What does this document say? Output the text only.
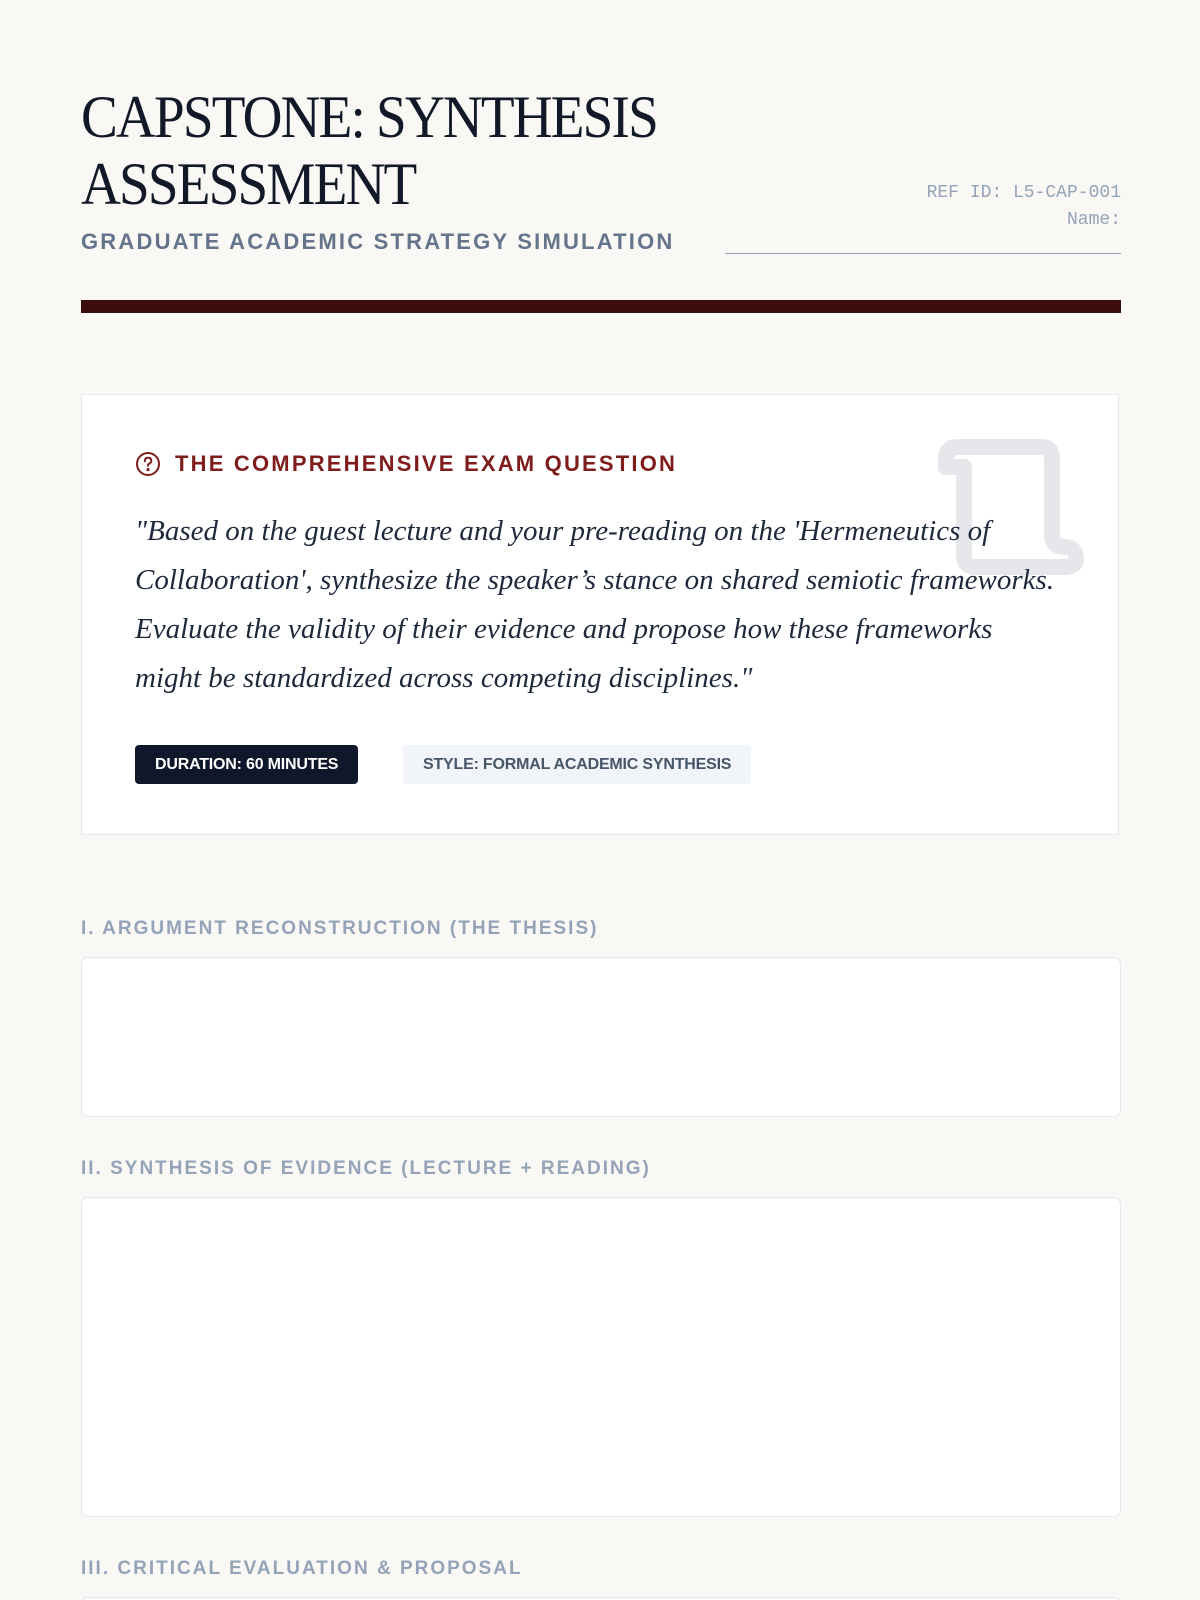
CAPSTONE: SYNTHESIS ASSESSMENT
GRADUATE ACADEMIC STRATEGY SIMULATION
REF ID: L5-CAP-001
Name:
THE COMPREHENSIVE EXAM QUESTION

"Based on the guest lecture and your pre-reading on the 'Hermeneutics of Collaboration', synthesize the speaker’s stance on shared semiotic frameworks. Evaluate the validity of their evidence and propose how these frameworks might be standardized across competing disciplines."

DURATION: 60 MINUTES	STYLE: FORMAL ACADEMIC SYNTHESIS
I. ARGUMENT RECONSTRUCTION (THE THESIS)
II. SYNTHESIS OF EVIDENCE (LECTURE + READING)
III. CRITICAL EVALUATION & PROPOSAL
